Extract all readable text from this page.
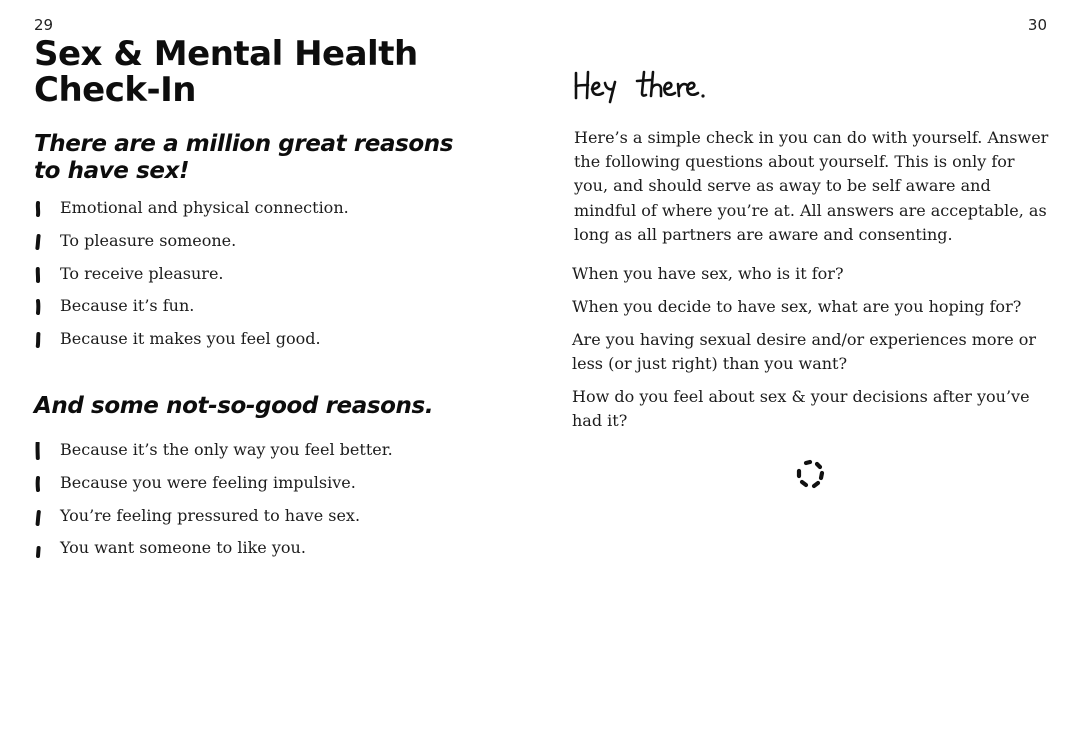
29	30
Sex & Mental Health
Check-In
There are a million great reasons to have sex!
Emotional and physical connection.
To pleasure someone.
To receive pleasure.
Because it’s fun.
Because it makes you feel good.
And some not-so-good reasons.
Because it’s the only way you feel better.
Because you were feeling impulsive.
You’re feeling pressured to have sex.
You want someone to like you.

Here’s a simple check in you can do with yourself. Answer the following questions about yourself. This is only for you, and should serve as away to be self aware and mindful of where you’re at. All answers are acceptable, as long as all partners are aware and consenting.

When you have sex, who is it for?

When you decide to have sex, what are you hoping for?

Are you having sexual desire and/or experiences more or less (or just right) than you want?

How do you feel about sex & your decisions after you’ve had it?
